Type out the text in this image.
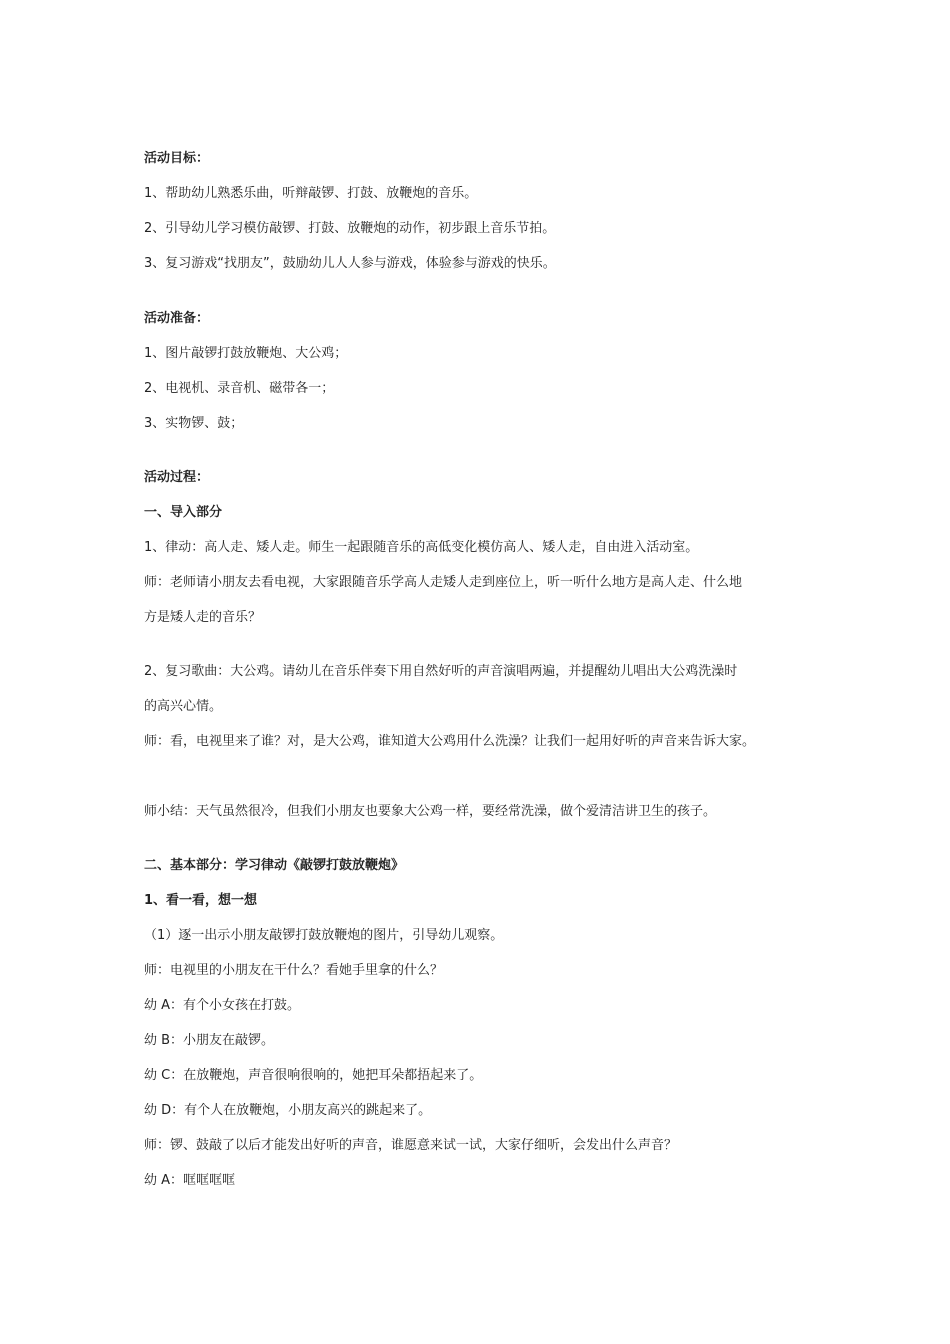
活动目标：
1、帮助幼儿熟悉乐曲，听辩敲锣、打鼓、放鞭炮的音乐。
2、引导幼儿学习模仿敲锣、打鼓、放鞭炮的动作，初步跟上音乐节拍。
3、复习游戏“找朋友”，鼓励幼儿人人参与游戏，体验参与游戏的快乐。
活动准备：
1、图片敲锣打鼓放鞭炮、大公鸡；
2、电视机、录音机、磁带各一；
3、实物锣、鼓；
活动过程：
一、导入部分
1、律动：高人走、矮人走。师生一起跟随音乐的高低变化模仿高人、矮人走，自由进入活动室。
师：老师请小朋友去看电视，大家跟随音乐学高人走矮人走到座位上，听一听什么地方是高人走、什么地
方是矮人走的音乐？
2、复习歌曲：大公鸡。请幼儿在音乐伴奏下用自然好听的声音演唱两遍，并提醒幼儿唱出大公鸡洗澡时
的高兴心情。
师：看，电视里来了谁？对，是大公鸡，谁知道大公鸡用什么洗澡？让我们一起用好听的声音来告诉大家。
师小结：天气虽然很冷，但我们小朋友也要象大公鸡一样，要经常洗澡，做个爱清洁讲卫生的孩子。
二、基本部分：学习律动《敲锣打鼓放鞭炮》
1、看一看，想一想
（1）逐一出示小朋友敲锣打鼓放鞭炮的图片，引导幼儿观察。
师：电视里的小朋友在干什么？看她手里拿的什么？
幼 A：有个小女孩在打鼓。
幼 B：小朋友在敲锣。
幼 C：在放鞭炮，声音很响很响的，她把耳朵都捂起来了。
幼 D：有个人在放鞭炮，小朋友高兴的跳起来了。
师：锣、鼓敲了以后才能发出好听的声音，谁愿意来试一试，大家仔细听，会发出什么声音？
幼 A：哐哐哐哐
